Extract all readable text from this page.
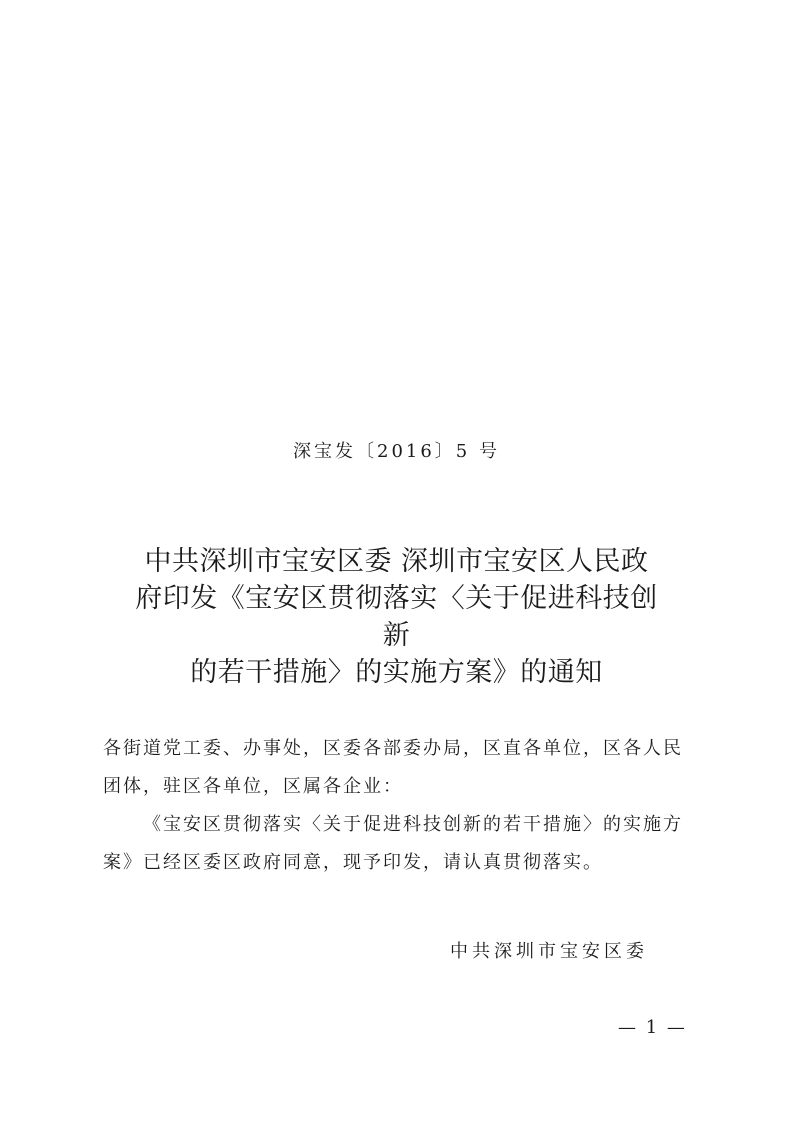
深宝发〔2016〕5 号
中共深圳市宝安区委 深圳市宝安区人民政
府印发《宝安区贯彻落实〈关于促进科技创
新
的若干措施〉的实施方案》的通知

各街道党工委、办事处，区委各部委办局，区直各单位，区各人民团体，驻区各单位，区属各企业：

《宝安区贯彻落实〈关于促进科技创新的若干措施〉的实施方案》已经区委区政府同意，现予印发，请认真贯彻落实。

中共深圳市宝安区委
— 1 —
